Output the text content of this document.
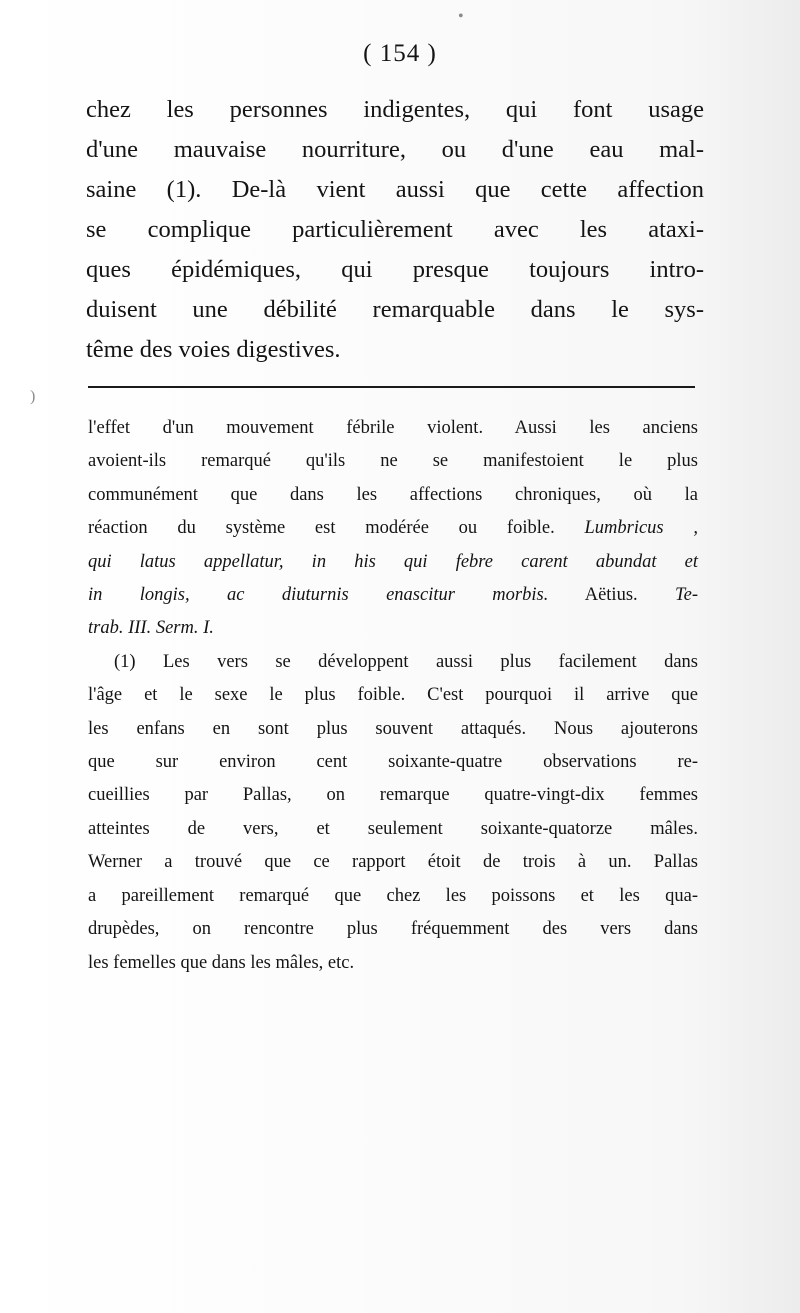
•
)
( 154 )
chez les personnes indigentes, qui font usage
d'une mauvaise nourriture, ou d'une eau mal-
saine (1). De-là vient aussi que cette affection
se complique particulièrement avec les ataxi-
ques épidémiques, qui presque toujours intro-
duisent une débilité remarquable dans le sys-
tême des voies digestives.
l'effet d'un mouvement fébrile violent. Aussi les anciens
avoient-ils remarqué qu'ils ne se manifestoient le plus
communément que dans les affections chroniques, où la
réaction du système est modérée ou foible. Lumbricus ,
qui latus appellatur, in his qui febre carent abundat et
in longis, ac diuturnis enascitur morbis. Aëtius. Te-
trab. III. Serm. I.
(1) Les vers se développent aussi plus facilement dans
l'âge et le sexe le plus foible. C'est pourquoi il arrive que
les enfans en sont plus souvent attaqués. Nous ajouterons
que sur environ cent soixante-quatre observations re-
cueillies par Pallas, on remarque quatre-vingt-dix femmes
atteintes de vers, et seulement soixante-quatorze mâles.
Werner a trouvé que ce rapport étoit de trois à un. Pallas
a pareillement remarqué que chez les poissons et les qua-
drupèdes, on rencontre plus fréquemment des vers dans
les femelles que dans les mâles, etc.
